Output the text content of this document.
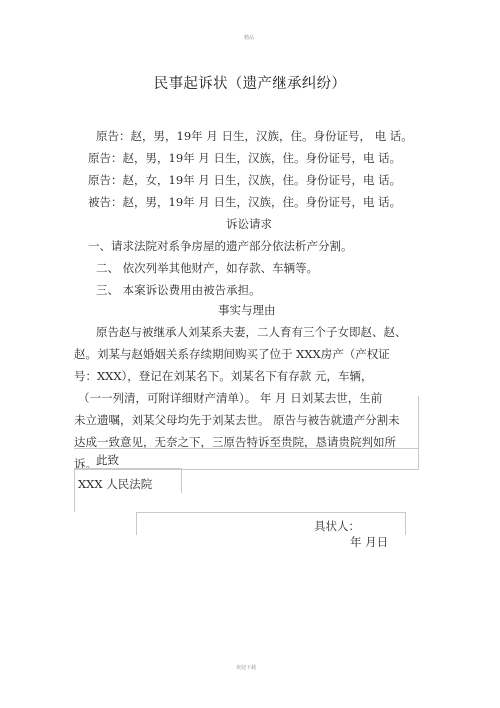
精品
民事起诉状（遗产继承纠纷）
原告：赵，男，19年 月 日生，汉族，住。身份证号， 电 话。
原告：赵，男，19年 月 日生，汉族，住。身份证号，电 话。
原告：赵，女，19年 月 日生，汉族，住。身份证号，电 话。
被告：赵，男，19年 月 日生，汉族，住。身份证号，电 话。
诉讼请求
一、请求法院对系争房屋的遗产部分依法析产分割。
二、 依次列举其他财产，如存款、车辆等。
三、 本案诉讼费用由被告承担。
事实与理由
原告赵与被继承人刘某系夫妻，二人育有三个子女即赵、赵、
赵。刘某与赵婚姻关系存续期间购买了位于 XXX房产（产权证
号：XXX），登记在刘某名下。刘某名下有存款 元，车辆，
（一一列清，可附详细财产清单）。 年 月 日刘某去世，生前
未立遗嘱，刘某父母均先于刘某去世。 原告与被告就遗产分割未
达成一致意见，无奈之下，三原告特诉至贵院，恳请贵院判如所
诉。 此致
XXX 人民法院
具状人：
年 月日
欢迎下载
